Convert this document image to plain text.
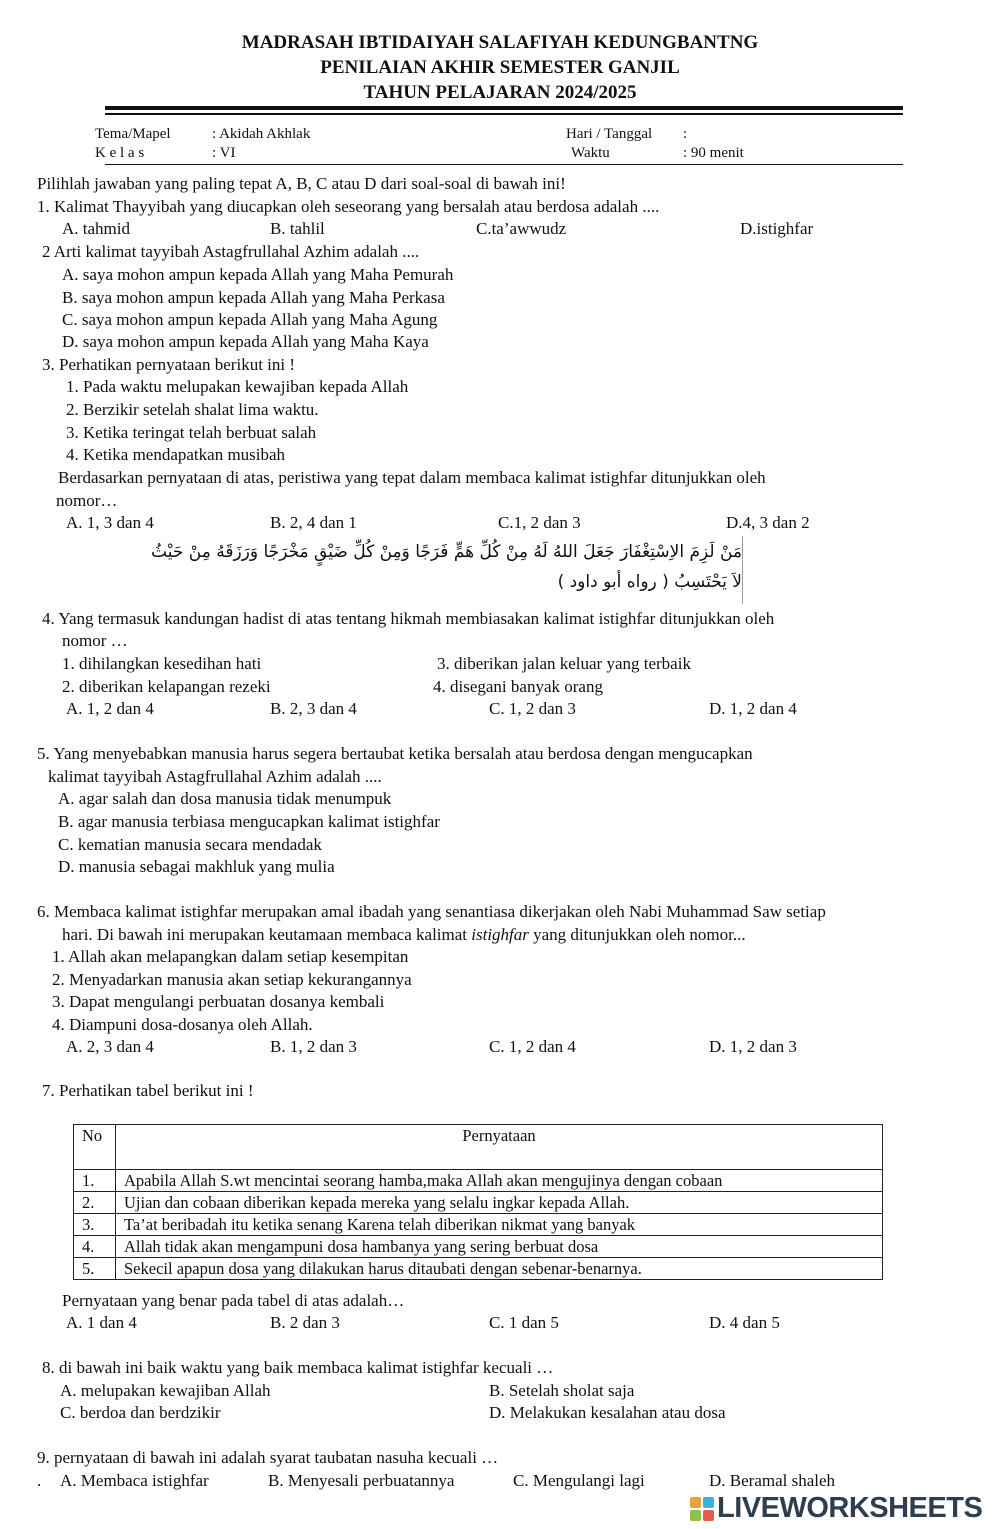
MADRASAH IBTIDAIYAH SALAFIYAH KEDUNGBANTNG
PENILAIAN AKHIR SEMESTER GANJIL
TAHUN PELAJARAN 2024/2025
Tema/Mapel	: Akidah Akhlak	Hari / Tanggal :
K e l a s	: VI	Waktu	: 90 menit
Pilihlah jawaban yang paling tepat A, B, C atau D dari soal-soal di bawah ini!
1. Kalimat Thayyibah yang diucapkan oleh seseorang yang bersalah atau berdosa adalah ....
A. tahmid	B. tahlil	C.ta’awwudz	D.istighfar
2 Arti kalimat tayyibah Astagfrullahal Azhim adalah ....
A. saya mohon ampun kepada Allah yang Maha Pemurah
B. saya mohon ampun kepada Allah yang Maha Perkasa
C. saya mohon ampun kepada Allah yang Maha Agung
D. saya mohon ampun kepada Allah yang Maha Kaya
3. Perhatikan pernyataan berikut ini !
1. Pada waktu melupakan kewajiban kepada Allah
2. Berzikir setelah shalat lima waktu.
3. Ketika teringat telah berbuat salah
4. Ketika mendapatkan musibah
Berdasarkan pernyataan di atas, peristiwa yang tepat dalam membaca kalimat istighfar ditunjukkan oleh
nomor…
A. 1, 3 dan 4	B. 2, 4 dan 1	C.1, 2 dan 3	D.4, 3 dan 2
مَنْ لَزِمَ الاِسْتِغْفَارَ جَعَلَ اللهُ لَهُ مِنْ كُلِّ هَمٍّ فَرَجًا وَمِنْ كُلِّ ضَيْقٍ مَخْرَجًا وَرَزَقَهُ مِنْ حَيْثُ
لاَ يَحْتَسِبُ ( رواه أبو داود )
4. Yang termasuk kandungan hadist di atas tentang hikmah membiasakan kalimat istighfar ditunjukkan oleh
nomor …
1. dihilangkan kesedihan hati	3. diberikan jalan keluar yang terbaik
2. diberikan kelapangan rezeki	4. disegani banyak orang
A. 1, 2 dan 4	B. 2, 3 dan 4	C. 1, 2 dan 3	D. 1, 2 dan 4
5. Yang menyebabkan manusia harus segera bertaubat ketika bersalah atau berdosa dengan mengucapkan
kalimat tayyibah Astagfrullahal Azhim adalah ....
A. agar salah dan dosa manusia tidak menumpuk
B. agar manusia terbiasa mengucapkan kalimat istighfar
C. kematian manusia secara mendadak
D. manusia sebagai makhluk yang mulia
6. Membaca kalimat istighfar merupakan amal ibadah yang senantiasa dikerjakan oleh Nabi Muhammad Saw setiap
hari. Di bawah ini merupakan keutamaan membaca kalimat istighfar yang ditunjukkan oleh nomor...
1. Allah akan melapangkan dalam setiap kesempitan
2. Menyadarkan manusia akan setiap kekurangannya
3. Dapat mengulangi perbuatan dosanya kembali
4. Diampuni dosa-dosanya oleh Allah.
A. 2, 3 dan 4	B. 1, 2 dan 3	C. 1, 2 dan 4	D. 1, 2 dan 3
7. Perhatikan tabel berikut ini !
No	Pernyataan
1.	Apabila Allah S.wt mencintai seorang hamba,maka Allah akan mengujinya dengan cobaan
2.	Ujian dan cobaan diberikan kepada mereka yang selalu ingkar kepada Allah.
3.	Ta’at beribadah itu ketika senang Karena telah diberikan nikmat yang banyak
4.	Allah tidak akan mengampuni dosa hambanya yang sering berbuat dosa
5.	Sekecil apapun dosa yang dilakukan harus ditaubati dengan sebenar-benarnya.
Pernyataan yang benar pada tabel di atas adalah…
A. 1 dan 4	B. 2 dan 3	C. 1 dan 5	D. 4 dan 5
8. di bawah ini baik waktu yang baik membaca kalimat istighfar kecuali …
A. melupakan kewajiban Allah	B. Setelah sholat saja
C. berdoa dan berdzikir	D. Melakukan kesalahan atau dosa
9. pernyataan di bawah ini adalah syarat taubatan nasuha kecuali …
. A. Membaca istighfar	B. Menyesali perbuatannya	C. Mengulangi lagi	D. Beramal shaleh
LIVEWORKSHEETS
